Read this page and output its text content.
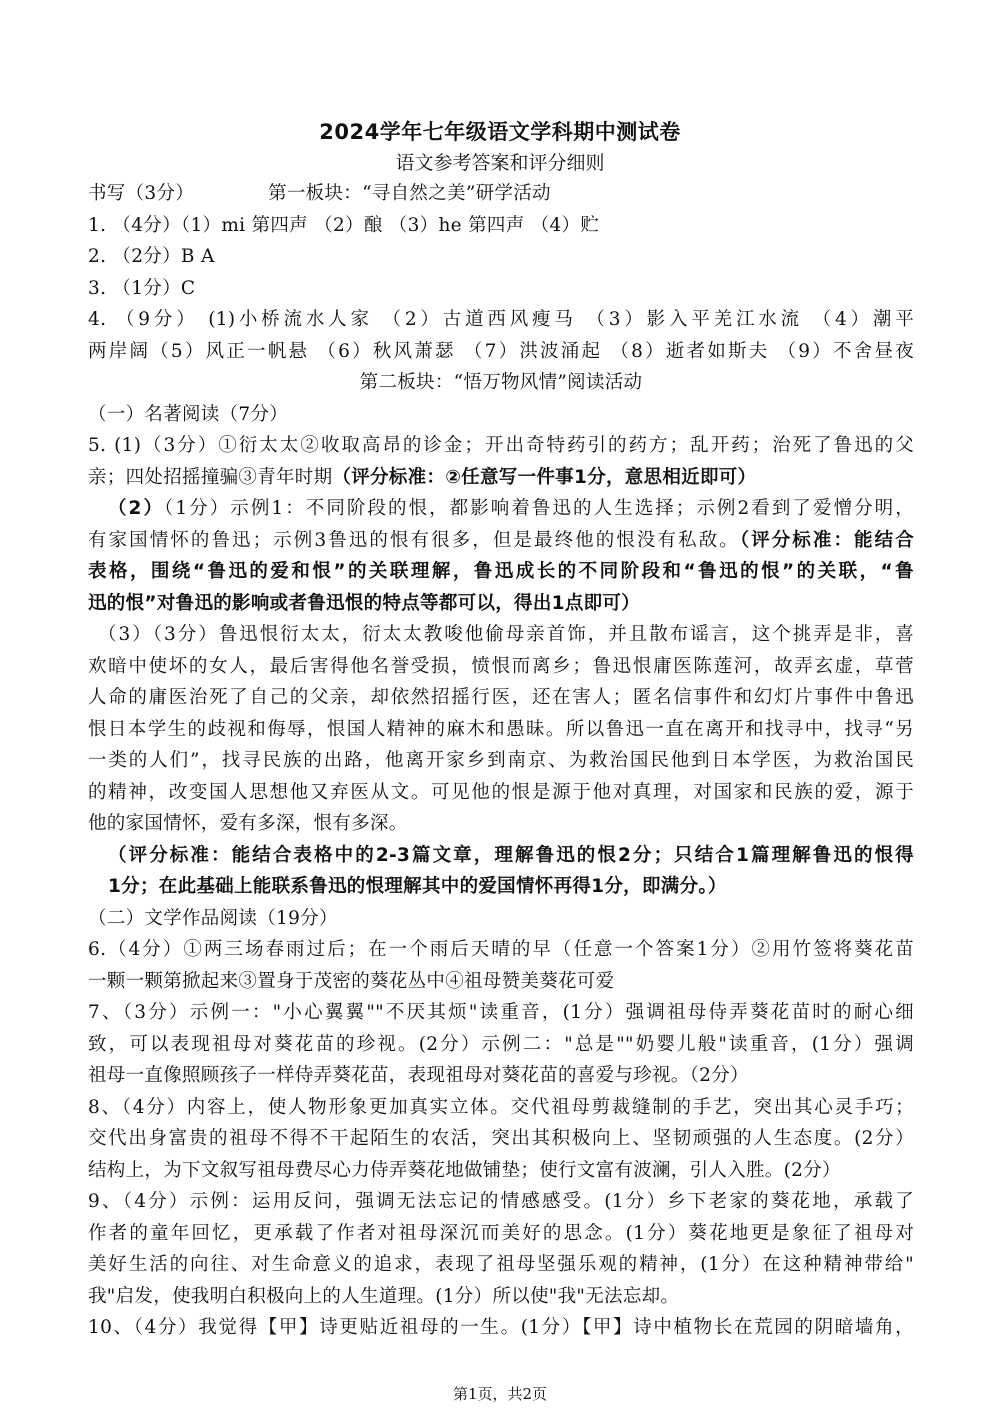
2024学年七年级语文学科期中测试卷
语文参考答案和评分细则
书写（3分）	第一板块：“寻自然之美”研学活动
1. （4分）（1）mi 第四声 （2）酿 （3）he 第四声 （4）贮
2. （2分）B A
3. （1分）C
4. （9分） (1)小桥流水人家 （2）古道西风瘦马 （3）影入平羌江水流 （4）潮平
两岸阔（5）风正一帆悬 （6）秋风萧瑟 （7）洪波涌起 （8）逝者如斯夫 （9）不舍昼夜
第二板块：“悟万物风情”阅读活动
（一）名著阅读（7分）
5. (1)（3分）①衍太太②收取高昂的诊金；开出奇特药引的药方；乱开药；治死了鲁迅的父
亲；四处招摇撞骗③青年时期（评分标准：②任意写一件事1分，意思相近即可）
（2）（1分）示例1：不同阶段的恨，都影响着鲁迅的人生选择；示例2看到了爱憎分明，
有家国情怀的鲁迅；示例3鲁迅的恨有很多，但是最终他的恨没有私敌。（评分标准：能结合
表格，围绕“鲁迅的爱和恨”的关联理解，鲁迅成长的不同阶段和“鲁迅的恨”的关联，“鲁
迅的恨”对鲁迅的影响或者鲁迅恨的特点等都可以，得出1点即可）
（3）（3分）鲁迅恨衍太太，衍太太教唆他偷母亲首饰，并且散布谣言，这个挑弄是非，喜
欢暗中使坏的女人，最后害得他名誉受损，愤恨而离乡；鲁迅恨庸医陈莲河，故弄玄虚，草菅
人命的庸医治死了自己的父亲，却依然招摇行医，还在害人；匿名信事件和幻灯片事件中鲁迅
恨日本学生的歧视和侮辱，恨国人精神的麻木和愚昧。所以鲁迅一直在离开和找寻中，找寻“另
一类的人们”，找寻民族的出路，他离开家乡到南京、为救治国民他到日本学医，为救治国民
的精神，改变国人思想他又弃医从文。可见他的恨是源于他对真理，对国家和民族的爱，源于
他的家国情怀，爱有多深，恨有多深。
（评分标准：能结合表格中的2-3篇文章，理解鲁迅的恨2分；只结合1篇理解鲁迅的恨得
1分；在此基础上能联系鲁迅的恨理解其中的爱国情怀再得1分，即满分。）
（二）文学作品阅读（19分）
6.（4分）①两三场春雨过后；在一个雨后天晴的早（任意一个答案1分）②用竹签将葵花苗
一颗一颗第掀起来③置身于茂密的葵花丛中④祖母赞美葵花可爱
7、（3分）示例一："小心翼翼""不厌其烦"读重音，(1分）强调祖母侍弄葵花苗时的耐心细
致，可以表现祖母对葵花苗的珍视。(2分）示例二："总是""奶婴儿般"读重音，(1分）强调
祖母一直像照顾孩子一样侍弄葵花苗，表现祖母对葵花苗的喜爱与珍视。（2分）
8、（4分）内容上，使人物形象更加真实立体。交代祖母剪裁缝制的手艺，突出其心灵手巧；
交代出身富贵的祖母不得不干起陌生的农活，突出其积极向上、坚韧顽强的人生态度。(2分）
结构上，为下文叙写祖母费尽心力侍弄葵花地做铺垫；使行文富有波澜，引人入胜。(2分）
9、（4分）示例：运用反问，强调无法忘记的情感感受。(1分）乡下老家的葵花地，承载了
作者的童年回忆，更承载了作者对祖母深沉而美好的思念。(1分）葵花地更是象征了祖母对
美好生活的向往、对生命意义的追求，表现了祖母坚强乐观的精神，(1分）在这种精神带给"
我"启发，使我明白积极向上的人生道理。(1分）所以使"我"无法忘却。
10、（4分）我觉得【甲】诗更贴近祖母的一生。(1分）【甲】诗中植物长在荒园的阴暗墙角，
第1页，共2页
